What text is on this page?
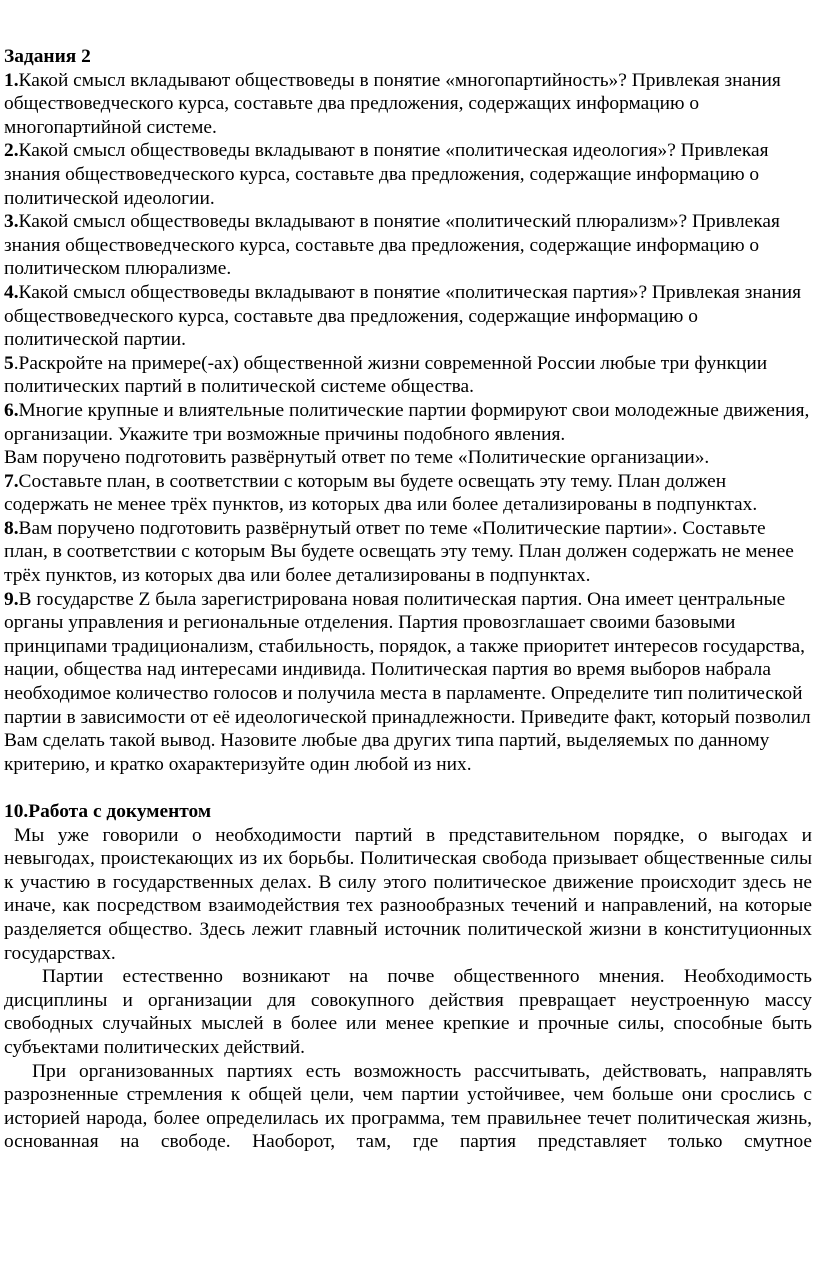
Задания 2

1.Какой смысл вкладывают обществоведы в понятие «многопартийность»? Привлекая знания обществоведческого курса, составьте два предложения, содержащих информацию о многопартийной системе.

2.Какой смысл обществоведы вкладывают в понятие «политическая идеология»? Привлекая знания обществоведческого курса, составьте два предложения, содержащие информацию о политической идеологии.

3.Какой смысл обществоведы вкладывают в понятие «политический плюрализм»? Привлекая знания обществоведческого курса, составьте два предложения, содержащие информацию о политическом плюрализме.

4.Какой смысл обществоведы вкладывают в понятие «политическая партия»? Привлекая знания обществоведческого курса, составьте два предложения, содержащие информацию о политической партии.

5.Раскройте на примере(-ах) общественной жизни современной России любые три функции политических партий в политической системе общества.

6.Многие крупные и влиятельные политические партии формируют свои молодежные движения, организации. Укажите три возможные причины подобного явления.

Вам поручено подготовить развёрнутый ответ по теме «Политические организации».

7.Составьте план, в соответствии с которым вы будете освещать эту тему. План должен содержать не менее трёх пунктов, из которых два или более детализированы в подпунктах.

8.Вам поручено подготовить развёрнутый ответ по теме «Политические партии». Составьте план, в соответствии с которым Вы будете освещать эту тему. План должен содержать не менее трёх пунктов, из которых два или более детализированы в подпунктах.

9.В государстве Z была зарегистрирована новая политическая партия. Она имеет центральные органы управления и региональные отделения. Партия провозглашает своими базовыми принципами традиционализм, стабильность, порядок, а также приоритет интересов государства, нации, общества над интересами индивида. Политическая партия во время выборов набрала необходимое количество голосов и получила места в парламенте. Определите тип политической партии в зависимости от её идеологической принадлежности. Приведите факт, который позволил Вам сделать такой вывод. Назовите любые два других типа партий, выделяемых по данному критерию, и кратко охарактеризуйте один любой из них.

10.Работа с документом

Мы уже говорили о необходимости партий в представительном порядке, о выгодах и невыгодах, проистекающих из их борьбы. Политическая свобода призывает общественные силы к участию в государственных делах. В силу этого политическое движение происходит здесь не иначе, как посредством взаимодействия тех разнообразных течений и направлений, на которые разделяется общество. Здесь лежит главный источник политической жизни в конституционных государствах.

Партии естественно возникают на почве общественного мнения. Необходимость дисциплины и организации для совокупного действия превращает неустроенную массу свободных случайных мыслей в более или менее крепкие и прочные силы, способные быть субъектами политических действий.

При организованных партиях есть возможность рассчитывать, действовать, направлять разрозненные стремления к общей цели, чем партии устойчивее, чем больше они срослись с историей народа, более определилась их программа, тем правильнее течет политическая жизнь, основанная на свободе. Наоборот, там, где партия представляет только смутное
